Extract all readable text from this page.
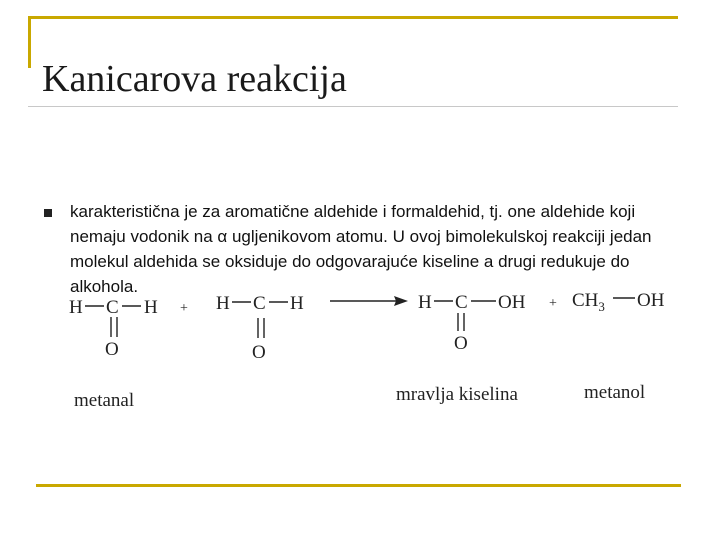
Kanicarova reakcija
karakteristična je za aromatične aldehide i formaldehid, tj. one aldehide koji nemaju vodonik na α ugljenikovom atomu. U ovoj bimolekulskoj reakciji jedan molekul aldehida se oksiduje do odgovarajuće kiseline a drugi redukuje do alkohola.
H C H
O
+ H C H
O
H C OH
O
+ $CH_3$ OH
metanal	mravlja kiselina	metanol
